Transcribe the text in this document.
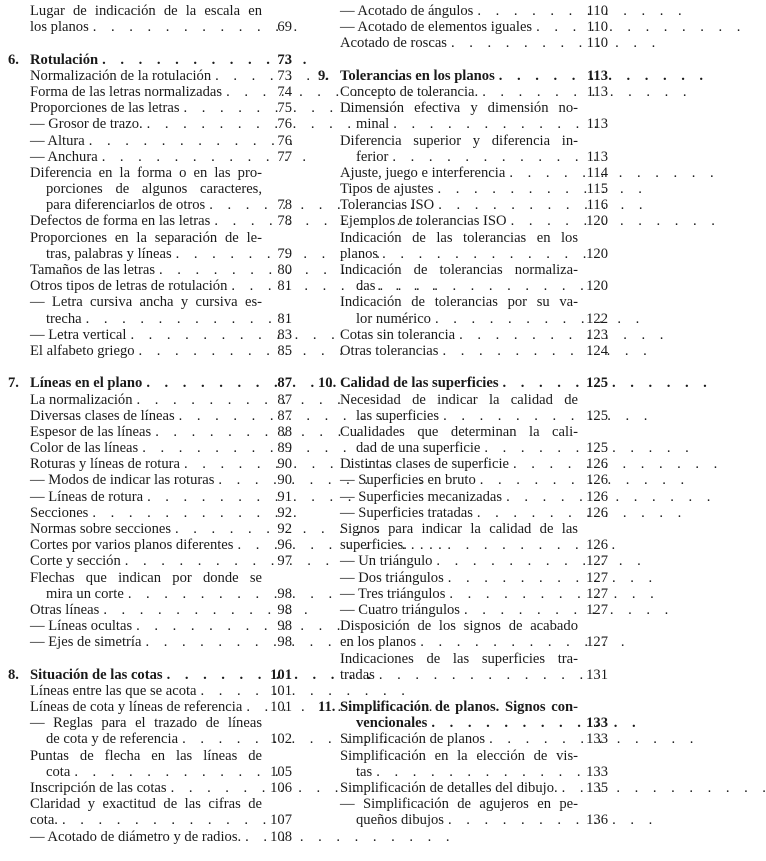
Lugar de indicación de la escala en
los planos .	69
6. Rotulación .	73
Normalización de la rotulación .	73
Forma de las letras normalizadas .	74
Proporciones de las letras .	75
— Grosor de trazo. .	76
— Altura .	76
— Anchura .	77
Diferencia en la forma o en las pro-
porciones de algunos caracteres,
para diferenciarlos de otros .	78
Defectos de forma en las letras .	78
Proporciones en la separación de le-
tras, palabras y líneas .	79
Tamaños de las letras .	80
Otros tipos de letras de rotulación .	81
— Letra cursiva ancha y cursiva es-
trecha .	81
— Letra vertical .	83
El alfabeto griego .	85
7. Líneas en el plano .	87
La normalización .	87
Diversas clases de líneas .	87
Espesor de las líneas .	88
Color de las líneas .	89
Roturas y líneas de rotura .	90
— Modos de indicar las roturas .	90
— Líneas de rotura .	91
Secciones .	92
Normas sobre secciones .	92
Cortes por varios planos diferentes .	96
Corte y sección .	97
Flechas que indican por donde se
mira un corte .	98
Otras líneas .	98
— Líneas ocultas .	98
— Ejes de simetría .	98
8. Situación de las cotas .	101
Líneas entre las que se acota .	101
Líneas de cota y líneas de referencia .	101
— Reglas para el trazado de líneas
de cota y de referencia .	102
Puntas de flecha en las líneas de
cota .	105
Inscripción de las cotas .	106
Claridad y exactitud de las cifras de
cota. .	107
— Acotado de diámetro y de radios. .	108
— Acotado de ángulos .	110
— Acotado de elementos iguales .	110
Acotado de roscas .	110
9. Tolerancias en los planos .	113
Concepto de tolerancia. .	113
Dimensión efectiva y dimensión no-
minal .	113
Diferencia superior y diferencia in-
ferior .	113
Ajuste, juego e interferencia .	114
Tipos de ajustes .	115
Tolerancias ISO .	116
Ejemplos de tolerancias ISO .	120
Indicación de las tolerancias en los
planos .	120
Indicación de tolerancias normaliza-
das .	120
Indicación de tolerancias por su va-
lor numérico .	122
Cotas sin tolerancia .	123
Otras tolerancias .	124
10. Calidad de las superficies .	125
Necesidad de indicar la calidad de
las superficies .	125
Cualidades que determinan la cali-
dad de una superficie .	125
Distintas clases de superficie .	126
— Superficies en bruto .	126
— Superficies mecanizadas .	126
— Superficies tratadas .	126
Signos para indicar la calidad de las
superficies. .	126
— Un triángulo .	127
— Dos triángulos .	127
— Tres triángulos .	127
— Cuatro triángulos .	127
Disposición de los signos de acabado
en los planos .	127
Indicaciones de las superficies tra-
tradas .	131
11. Simplificación de planos. Signos con-
vencionales .	133
Simplificación de planos .	133
Simplificación en la elección de vis-
tas .	133
Simplificación de detalles del dibujo. .	135
— Simplificación de agujeros en pe-
queños dibujos .	136
